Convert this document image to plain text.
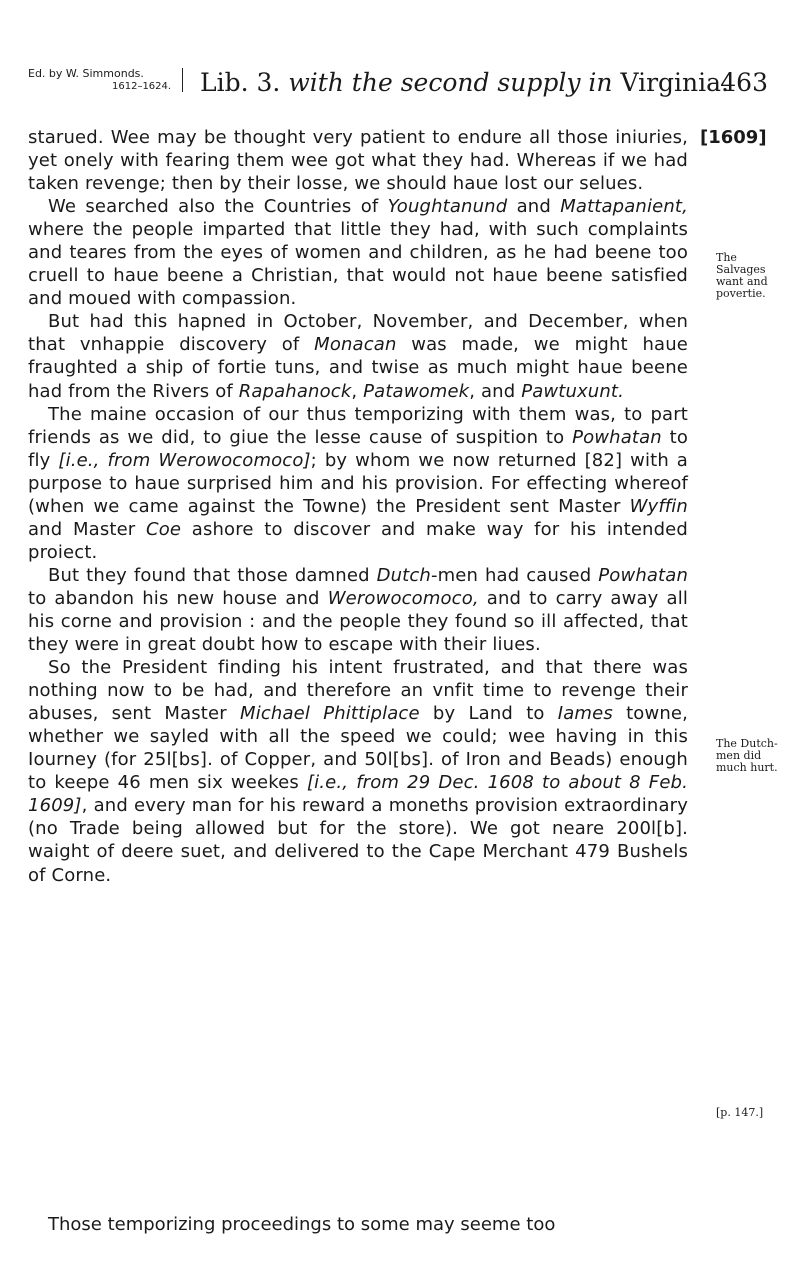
Ed. by W. Simmonds.
1612–1624. Lib. 3. with the second supply in Virginia.
463
[1609]
The
Salvages
want and
povertie.
The Dutch-
men did
much hurt.
[p. 147.]

starued. Wee may be thought very patient to endure all those iniuries, yet onely with fearing them wee got what they had. Whereas if we had taken revenge; then by their losse, we should haue lost our selues.

We searched also the Countries of Youghtanund and Mattapanient, where the people imparted that little they had, with such complaints and teares from the eyes of women and children, as he had beene too cruell to haue beene a Christian, that would not haue beene satisfied and moued with compassion.

But had this hapned in October, November, and December, when that vnhappie discovery of Monacan was made, we might haue fraughted a ship of fortie tuns, and twise as much might haue beene had from the Rivers of Rapahanock, Patawomek, and Pawtuxunt.

The maine occasion of our thus temporizing with them was, to part friends as we did, to giue the lesse cause of suspition to Powhatan to fly [i.e., from Werowocomoco]; by whom we now returned [82] with a purpose to haue surprised him and his provision. For effecting whereof (when we came against the Towne) the President sent Master Wyffin and Master Coe ashore to discover and make way for his intended proiect.

But they found that those damned Dutch-men had caused Powhatan to abandon his new house and Werowocomoco, and to carry away all his corne and provision : and the people they found so ill affected, that they were in great doubt how to escape with their liues.

So the President finding his intent frustrated, and that there was nothing now to be had, and therefore an vnfit time to revenge their abuses, sent Master Michael Phittiplace by Land to Iames towne, whether we sayled with all the speed we could; wee having in this Iourney (for 25l[bs]. of Copper, and 50l[bs]. of Iron and Beads) enough to keepe 46 men six weekes [i.e., from 29 Dec. 1608 to about 8 Feb. 1609], and every man for his reward a moneths provision extraordinary (no Trade being allowed but for the store). We got neare 200l[b]. waight of deere suet, and delivered to the Cape Merchant 479 Bushels of Corne.

Those temporizing proceedings to some may seeme too
